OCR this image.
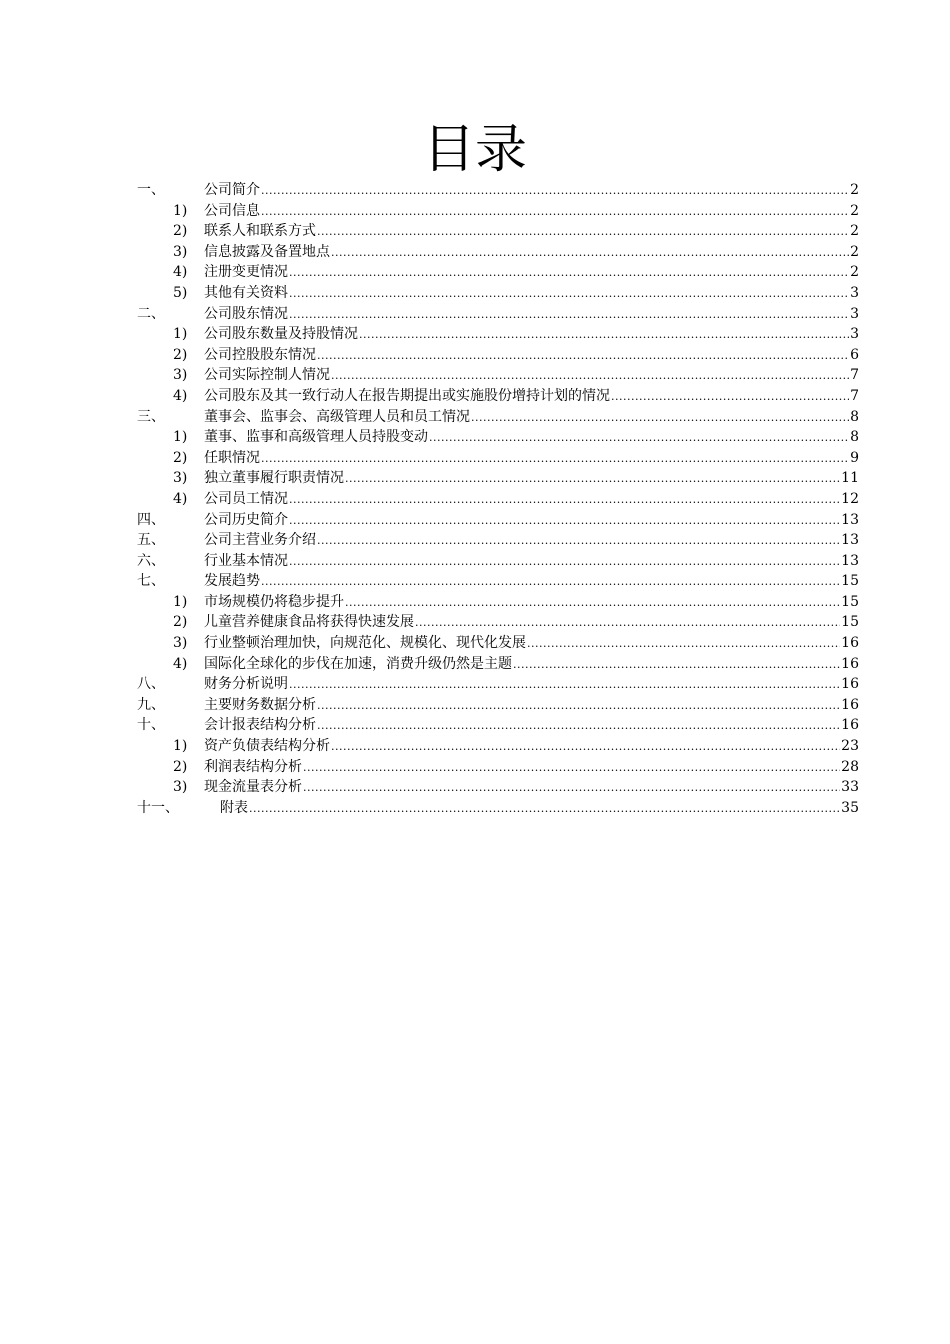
目录
一、	公司简介 .....	2
1)	公司信息 .....	2
2)	联系人和联系方式 .....	2
3)	信息披露及备置地点 .....	2
4)	注册变更情况 .....	2
5)	其他有关资料 .....	3
二、	公司股东情况 .....	3
1)	公司股东数量及持股情况 .....	3
2)	公司控股股东情况 .....	6
3)	公司实际控制人情况 .....	7
4)	公司股东及其一致行动人在报告期提出或实施股份增持计划的情况 .....	7
三、	董事会、监事会、高级管理人员和员工情况 .....	8
1)	董事、监事和高级管理人员持股变动 .....	8
2)	任职情况 .....	9
3)	独立董事履行职责情况 .....	11
4)	公司员工情况 .....	12
四、	公司历史简介 .....	13
五、	公司主营业务介绍 .....	13
六、	行业基本情况 .....	13
七、	发展趋势 .....	15
1)	市场规模仍将稳步提升 .....	15
2)	儿童营养健康食品将获得快速发展 .....	15
3)	行业整顿治理加快，向规范化、规模化、现代化发展 .....	16
4)	国际化全球化的步伐在加速，消费升级仍然是主题 .....	16
八、	财务分析说明 .....	16
九、	主要财务数据分析 .....	16
十、	会计报表结构分析 .....	16
1)	资产负债表结构分析 .....	23
2)	利润表结构分析 .....	28
3)	现金流量表分析 .....	33
十一、	附表 .....	35
